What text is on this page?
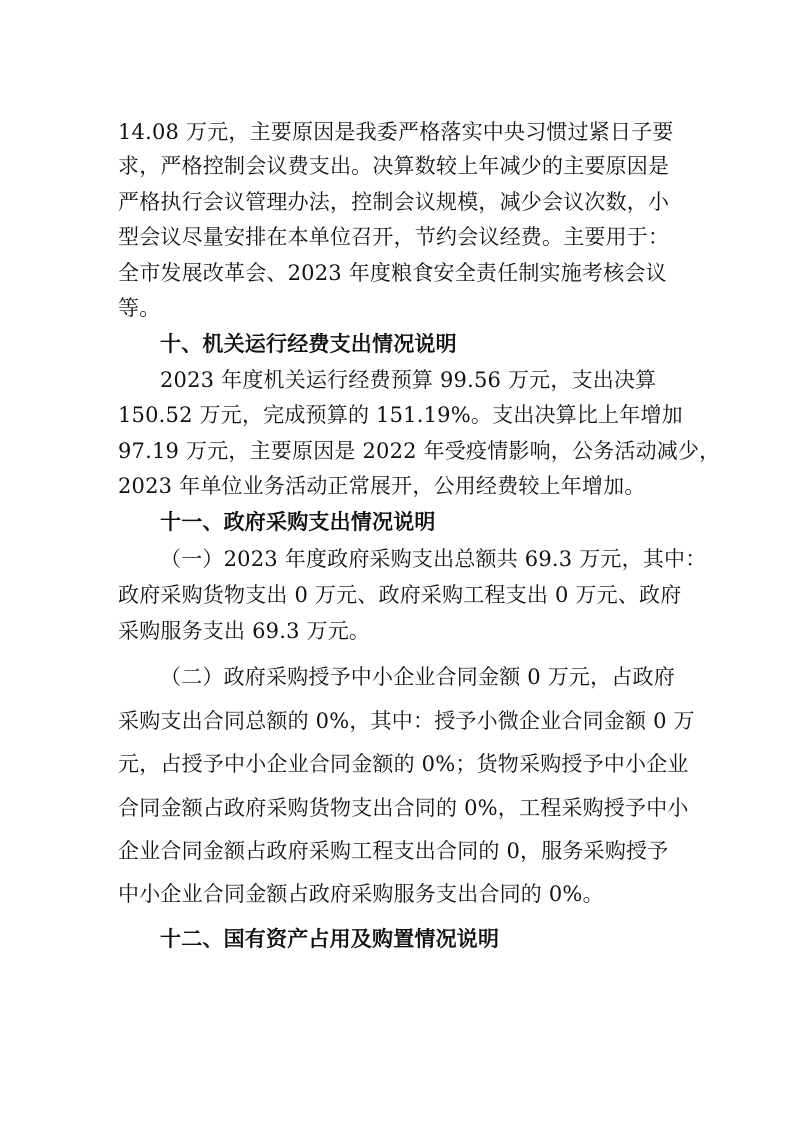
14.08 万元，主要原因是我委严格落实中央习惯过紧日子要
求，严格控制会议费支出。决算数较上年减少的主要原因是
严格执行会议管理办法，控制会议规模，减少会议次数，小
型会议尽量安排在本单位召开，节约会议经费。主要用于：
全市发展改革会、2023 年度粮食安全责任制实施考核会议
等。
十、机关运行经费支出情况说明
2023 年度机关运行经费预算 99.56 万元，支出决算
150.52 万元，完成预算的 151.19%。支出决算比上年增加
97.19 万元，主要原因是 2022 年受疫情影响，公务活动减少，
2023 年单位业务活动正常展开，公用经费较上年增加。
十一、政府采购支出情况说明
（一）2023 年度政府采购支出总额共 69.3 万元，其中：
政府采购货物支出 0 万元、政府采购工程支出 0 万元、政府
采购服务支出 69.3 万元。
（二）政府采购授予中小企业合同金额 0 万元，占政府
采购支出合同总额的 0%，其中：授予小微企业合同金额 0 万
元，占授予中小企业合同金额的 0%；货物采购授予中小企业
合同金额占政府采购货物支出合同的 0%，工程采购授予中小
企业合同金额占政府采购工程支出合同的 0，服务采购授予
中小企业合同金额占政府采购服务支出合同的 0%。
十二、国有资产占用及购置情况说明
